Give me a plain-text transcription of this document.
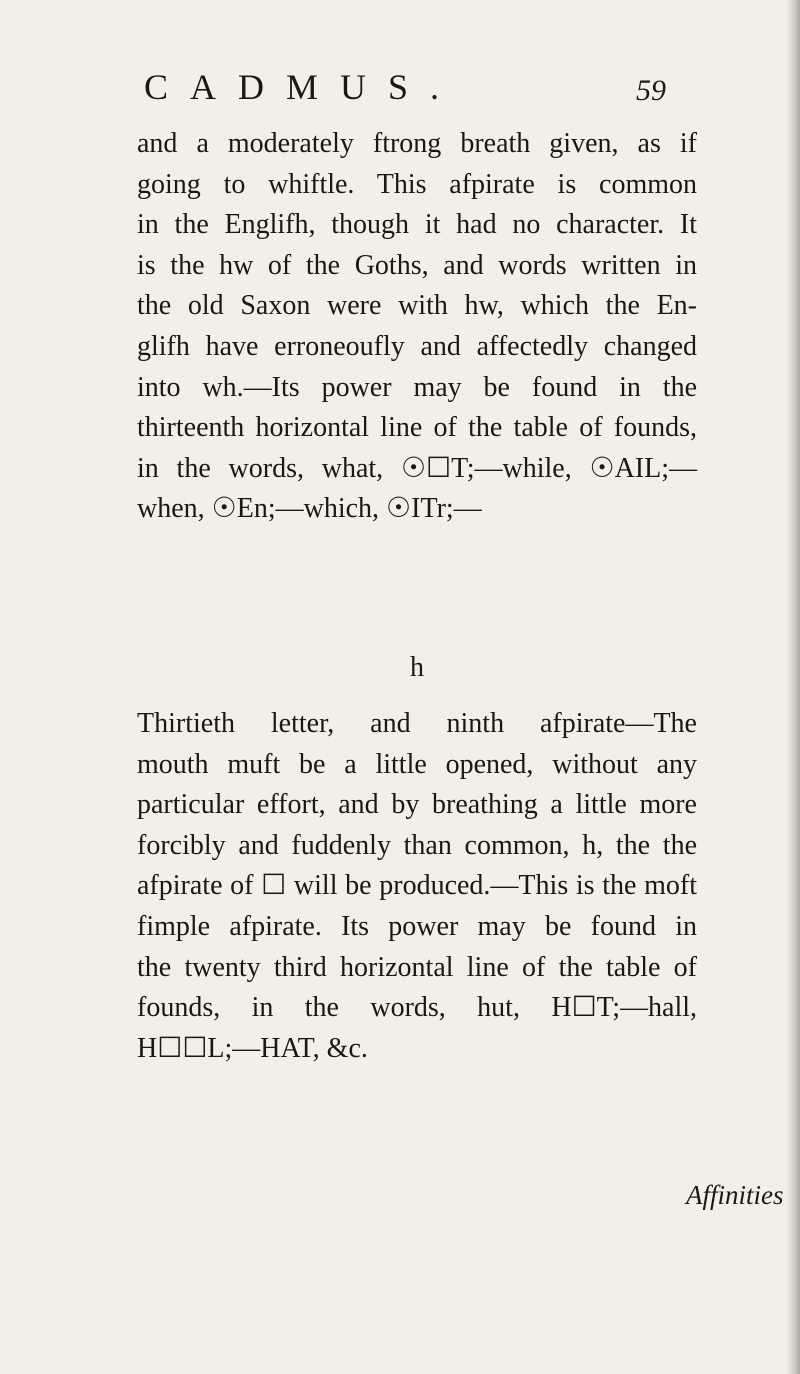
CADMUS.	59

and a moderately ftrong breath given, as if

going to whiftle. This afpirate is common

in the Englifh, though it had no character. It

is the hw of the Goths, and words written in

the old Saxon were with hw, which the En-

glifh have erroneoufly and affectedly changed

into wh.—Its power may be found in the

thirteenth horizontal line of the table of founds,

in the words, what, ☉☐T;—while, ☉AIL;—

when, ☉En;—which, ☉ITr;—

h

Thirtieth letter, and ninth afpirate—The

mouth muft be a little opened, without any

particular effort, and by breathing a little more

forcibly and fuddenly than common, h, the the

afpirate of ☐ will be produced.—This is the moft

fimple afpirate. Its power may be found in

the twenty third horizontal line of the table of

founds, in the words, hut, H☐T;—hall,

H☐☐L;—HAT, &c.

Affinities
